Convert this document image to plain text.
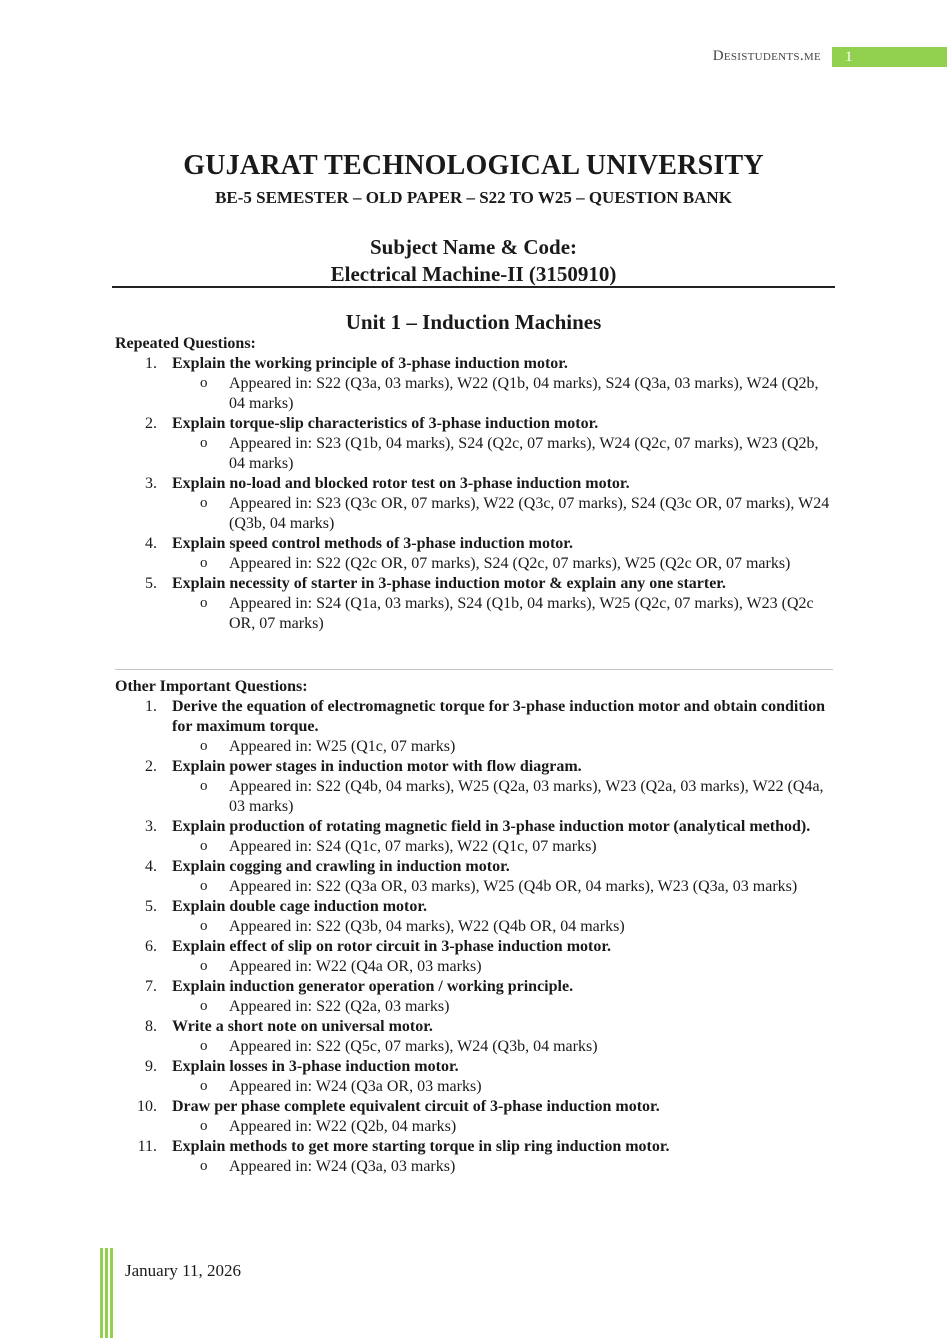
Desistudents.me	1
GUJARAT TECHNOLOGICAL UNIVERSITY
BE-5 SEMESTER – OLD PAPER – S22 TO W25 – QUESTION BANK
Subject Name & Code:
Electrical Machine-II (3150910)
Unit 1 – Induction Machines
Repeated Questions:
1. Explain the working principle of 3-phase induction motor.
o Appeared in: S22 (Q3a, 03 marks), W22 (Q1b, 04 marks), S24 (Q3a, 03 marks), W24 (Q2b, 04 marks)
2. Explain torque-slip characteristics of 3-phase induction motor.
o Appeared in: S23 (Q1b, 04 marks), S24 (Q2c, 07 marks), W24 (Q2c, 07 marks), W23 (Q2b, 04 marks)
3. Explain no-load and blocked rotor test on 3-phase induction motor.
o Appeared in: S23 (Q3c OR, 07 marks), W22 (Q3c, 07 marks), S24 (Q3c OR, 07 marks), W24 (Q3b, 04 marks)
4. Explain speed control methods of 3-phase induction motor.
o Appeared in: S22 (Q2c OR, 07 marks), S24 (Q2c, 07 marks), W25 (Q2c OR, 07 marks)
5. Explain necessity of starter in 3-phase induction motor & explain any one starter.
o Appeared in: S24 (Q1a, 03 marks), S24 (Q1b, 04 marks), W25 (Q2c, 07 marks), W23 (Q2c OR, 07 marks)
Other Important Questions:
1. Derive the equation of electromagnetic torque for 3-phase induction motor and obtain condition for maximum torque.
o Appeared in: W25 (Q1c, 07 marks)
2. Explain power stages in induction motor with flow diagram.
o Appeared in: S22 (Q4b, 04 marks), W25 (Q2a, 03 marks), W23 (Q2a, 03 marks), W22 (Q4a, 03 marks)
3. Explain production of rotating magnetic field in 3-phase induction motor (analytical method).
o Appeared in: S24 (Q1c, 07 marks), W22 (Q1c, 07 marks)
4. Explain cogging and crawling in induction motor.
o Appeared in: S22 (Q3a OR, 03 marks), W25 (Q4b OR, 04 marks), W23 (Q3a, 03 marks)
5. Explain double cage induction motor.
o Appeared in: S22 (Q3b, 04 marks), W22 (Q4b OR, 04 marks)
6. Explain effect of slip on rotor circuit in 3-phase induction motor.
o Appeared in: W22 (Q4a OR, 03 marks)
7. Explain induction generator operation / working principle.
o Appeared in: S22 (Q2a, 03 marks)
8. Write a short note on universal motor.
o Appeared in: S22 (Q5c, 07 marks), W24 (Q3b, 04 marks)
9. Explain losses in 3-phase induction motor.
o Appeared in: W24 (Q3a OR, 03 marks)
10. Draw per phase complete equivalent circuit of 3-phase induction motor.
o Appeared in: W22 (Q2b, 04 marks)
11. Explain methods to get more starting torque in slip ring induction motor.
o Appeared in: W24 (Q3a, 03 marks)
January 11, 2026
